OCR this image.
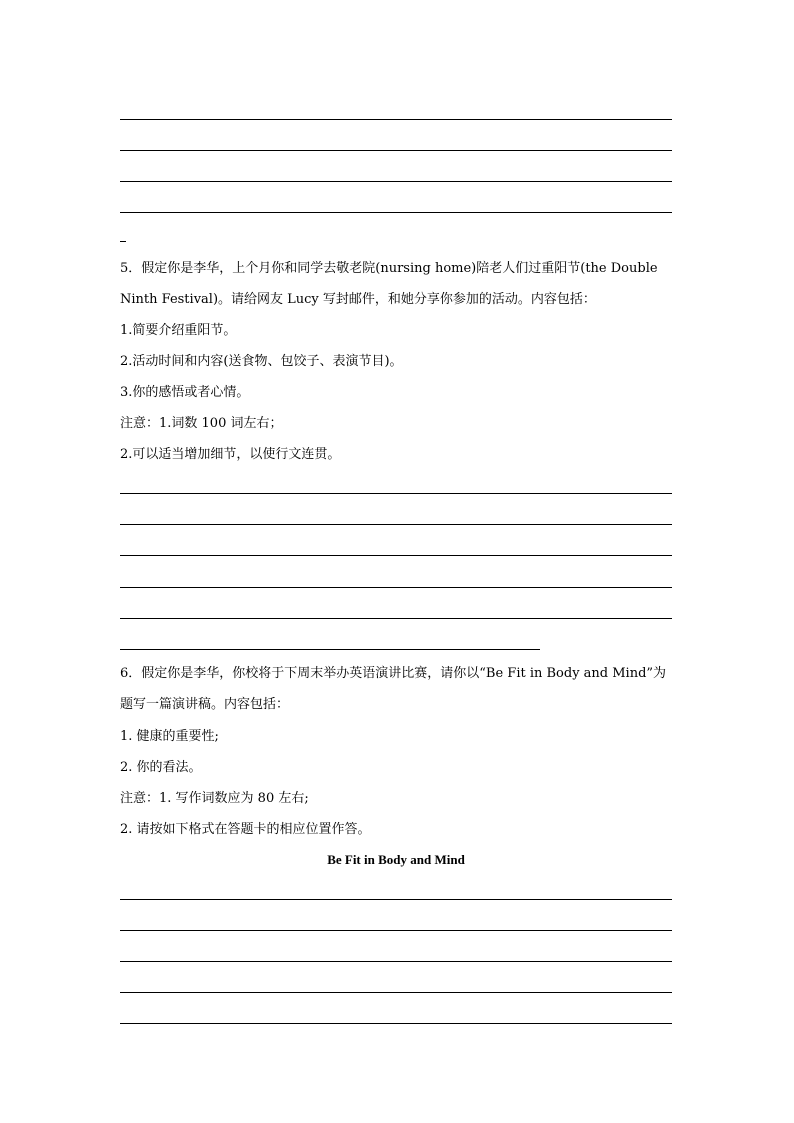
5．假定你是李华，上个月你和同学去敬老院(nursing home)陪老人们过重阳节(the Double
Ninth Festival)。请给网友 Lucy 写封邮件，和她分享你参加的活动。内容包括：
1.简要介绍重阳节。
2.活动时间和内容(送食物、包饺子、表演节目)。
3.你的感悟或者心情。
注意：1.词数 100 词左右；
2.可以适当增加细节，以使行文连贯。
6．假定你是李华，你校将于下周末举办英语演讲比赛，请你以“Be Fit in Body and Mind”为
题写一篇演讲稿。内容包括：
1. 健康的重要性;
2. 你的看法。
注意：1. 写作词数应为 80 左右;
2. 请按如下格式在答题卡的相应位置作答。
Be Fit in Body and Mind
